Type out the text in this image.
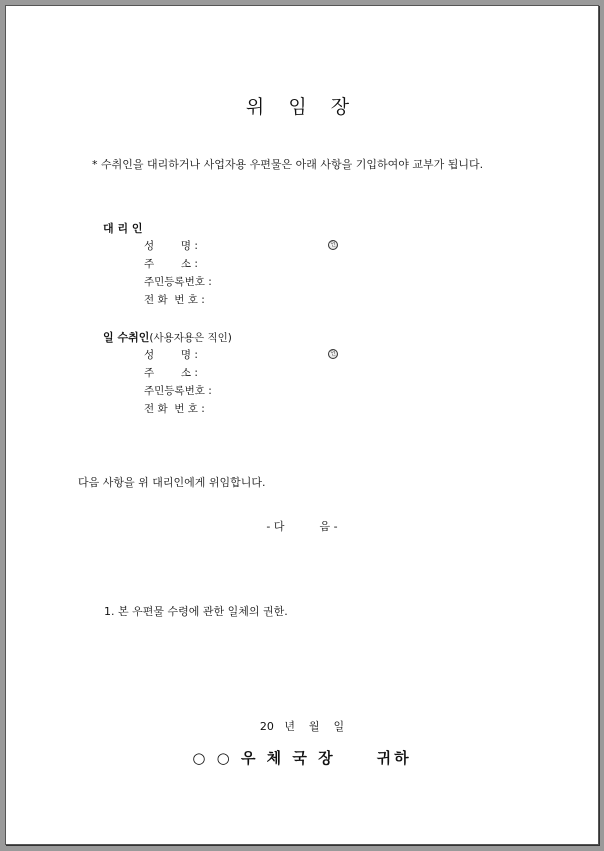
위 임 장
* 수취인을 대리하거나 사업자용 우편물은 아래 사항을 기입하여야 교부가 됩니다.
대 리 인
성        명 :	인
주        소 :
주민등록번호 :
전 화  번 호 :
일 수취인(사용자용은 직인)
성        명 :	인
주        소 :
주민등록번호 :
전 화  번 호 :
다음 사항을 위 대리인에게 위임합니다.
- 다          음 -
1. 본 우편물 수령에 관한 일체의 권한.
20   년    월    일
○ ○ 우 체 국 장     귀하
